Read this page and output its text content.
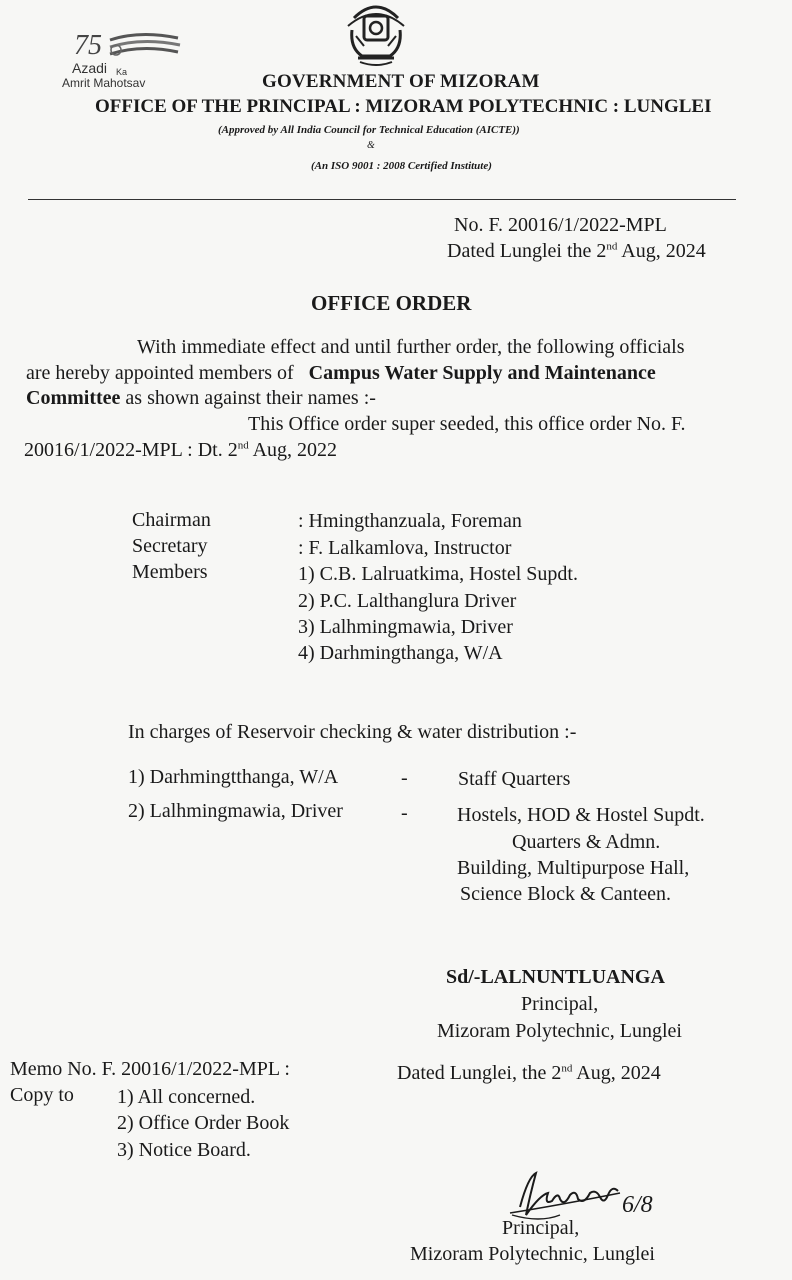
75
Azadi Ka
Amrit Mahotsav	GOVERNMENT OF MIZORAM
OFFICE OF THE PRINCIPAL : MIZORAM POLYTECHNIC : LUNGLEI
(Approved by All India Council for Technical Education (AICTE))
&
(An ISO 9001 : 2008 Certified Institute)
No. F. 20016/1/2022-MPL
Dated Lunglei the 2nd Aug, 2024
OFFICE ORDER
With immediate effect and until further order, the following officials
are hereby appointed members of Campus Water Supply and Maintenance
Committee as shown against their names :-
This Office order super seeded, this office order No. F.
20016/1/2022-MPL : Dt. 2nd Aug, 2022
Chairman	: Hmingthanzuala, Foreman
Secretary	: F. Lalkamlova, Instructor
Members	1) C.B. Lalruatkima, Hostel Supdt.
2) P.C. Lalthanglura Driver
3) Lalhmingmawia, Driver
4) Darhmingthanga, W/A
In charges of Reservoir checking & water distribution :-
1) Darhmingtthanga, W/A	-	Staff Quarters
2) Lalhmingmawia, Driver	- Hostels, HOD & Hostel Supdt.
Quarters & Admn.
Building, Multipurpose Hall,
Science Block & Canteen.
Sd/-LALNUNTLUANGA
Principal,
Mizoram Polytechnic, Lunglei
Memo No. F. 20016/1/2022-MPL :	Dated Lunglei, the 2nd Aug, 2024
Copy to 1) All concerned.
2) Office Order Book
3) Notice Board.
6/8
Principal,
Mizoram Polytechnic, Lunglei
